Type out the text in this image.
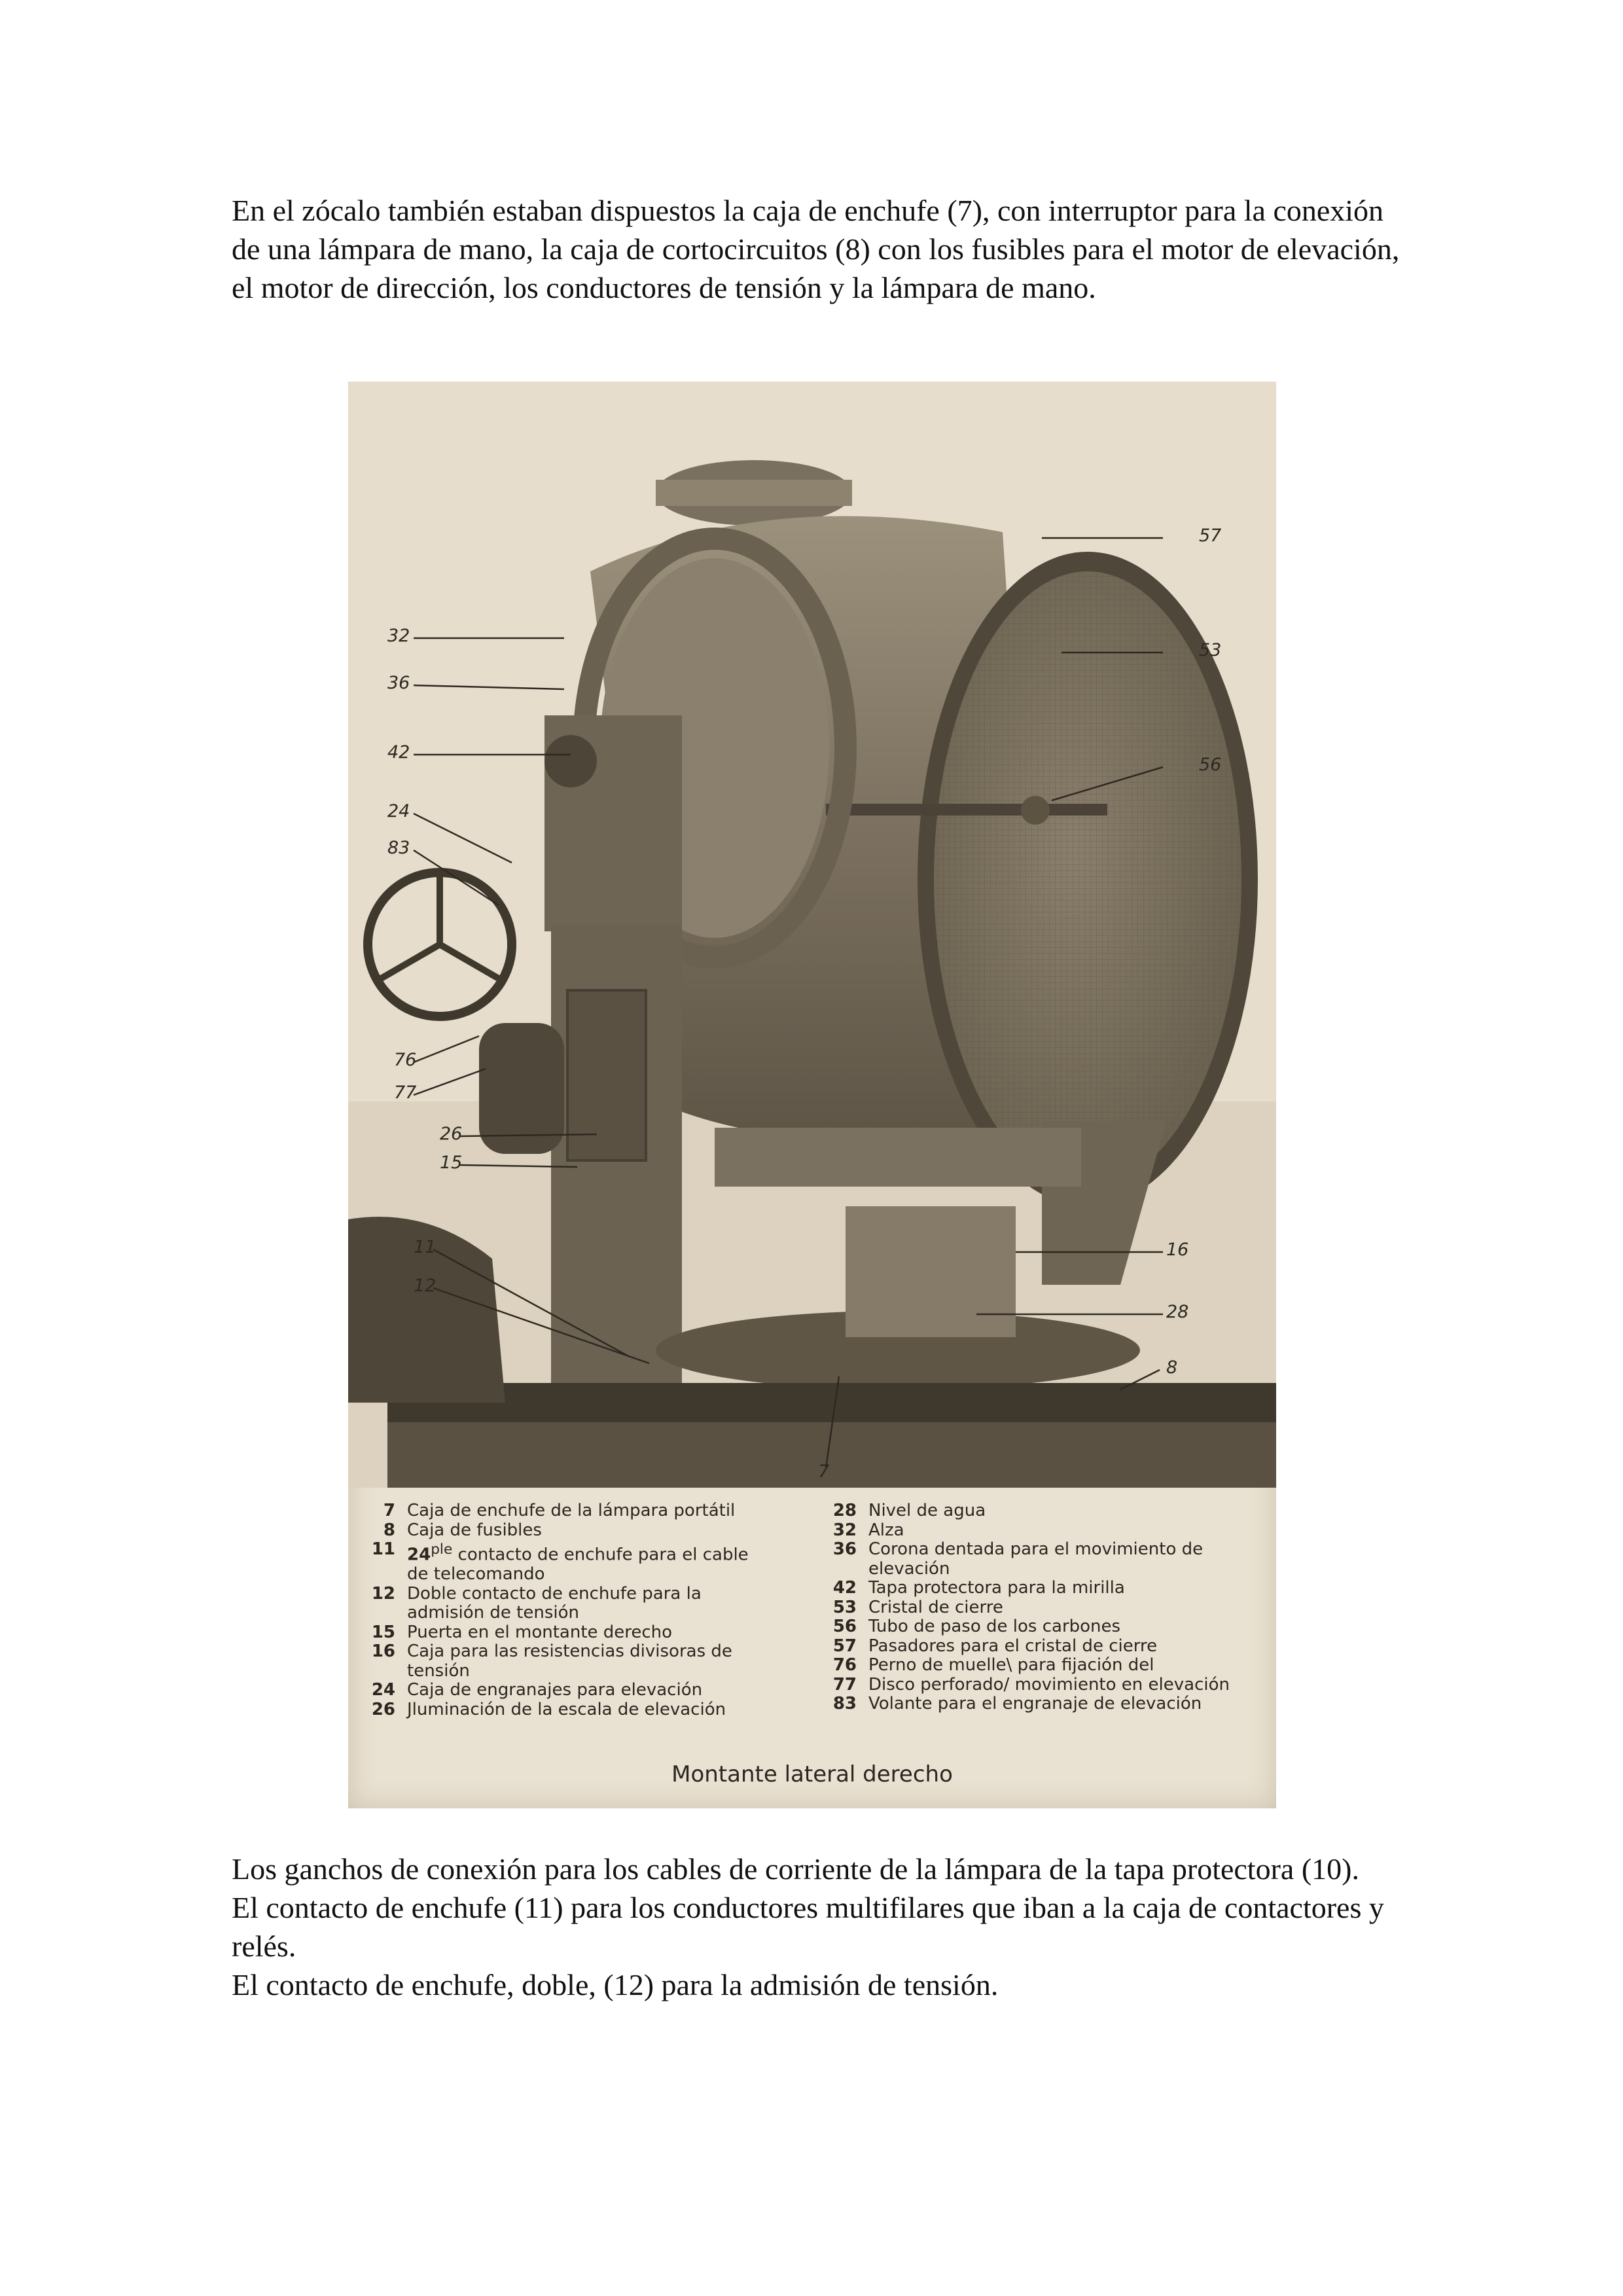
En el zócalo también estaban dispuestos la caja de enchufe (7), con interruptor para la conexión de una lámpara de mano, la caja de cortocircuitos (8) con los fusibles para el motor de elevación, el motor de dirección, los conductores de tensión y la lámpara de mano.
57
53
56
32
36
42
24
83
76
77
26
15
11
12
16
28
8
7
7 Caja de enchufe de la lámpara portátil
8 Caja de fusibles
11 $24^{ple}$ contacto de enchufe para el cable
de telecomando
12 Doble contacto de enchufe para la
admisión de tensión
15 Puerta en el montante derecho
16 Caja para las resistencias divisoras de
tensión
24 Caja de engranajes para elevación
26 Jluminación de la escala de elevación
28 Nivel de agua
32 Alza
36 Corona dentada para el movimiento de
elevación
42 Tapa protectora para la mirilla
53 Cristal de cierre
56 Tubo de paso de los carbones
57 Pasadores para el cristal de cierre
76 Perno de muelle\ para fijación del
77 Disco perforado/ movimiento en elevación
83 Volante para el engranaje de elevación
Montante lateral derecho
Los ganchos de conexión para los cables de corriente de la lámpara de la tapa protectora (10).
El contacto de enchufe (11) para los conductores multifilares que iban a la caja de contactores y relés.
El contacto de enchufe, doble, (12) para la admisión de tensión.
